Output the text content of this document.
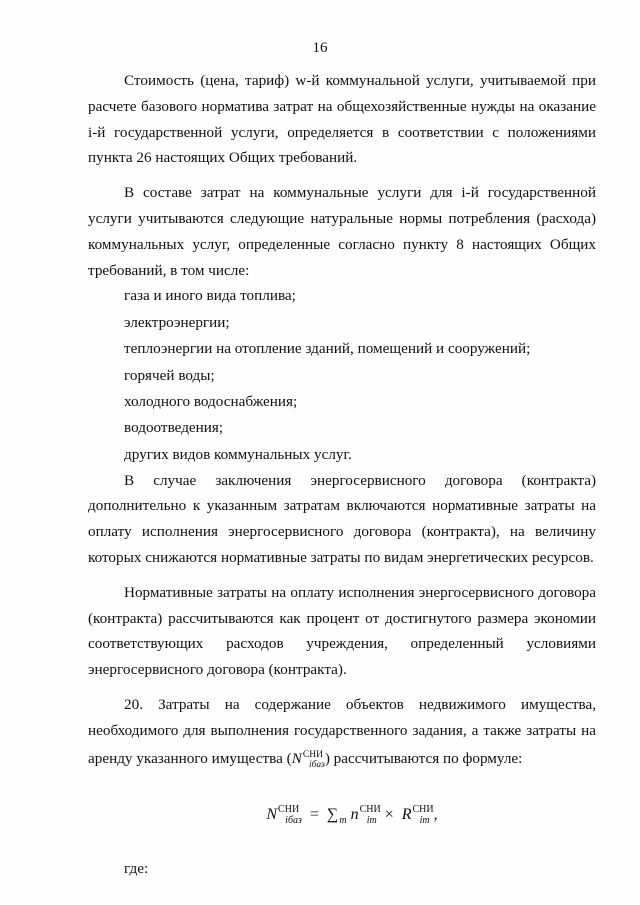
16

Стоимость (цена, тариф) w-й коммунальной услуги, учитываемой при расчете базового норматива затрат на общехозяйственные нужды на оказание i-й государственной услуги, определяется в соответствии с положениями пункта 26 настоящих Общих требований.

В составе затрат на коммунальные услуги для i-й государственной услуги учитываются следующие натуральные нормы потребления (расхода) коммунальных услуг, определенные согласно пункту 8 настоящих Общих требований, в том числе:

газа и иного вида топлива;

электроэнергии;

теплоэнергии на отопление зданий, помещений и сооружений;

горячей воды;

холодного водоснабжения;

водоотведения;

других видов коммунальных услуг.

В случае заключения энергосервисного договора (контракта) дополнительно к указанным затратам включаются нормативные затраты на оплату исполнения энергосервисного договора (контракта), на величину которых снижаются нормативные затраты по видам энергетических ресурсов.

Нормативные затраты на оплату исполнения энергосервисного договора (контракта) рассчитываются как процент от достигнутого размера экономии соответствующих расходов учреждения, определенный условиями энергосервисного договора (контракта).

20. Затраты на содержание объектов недвижимого имущества, необходимого для выполнения государственного задания, а также затраты на аренду указанного имущества $(N^{СНИ}_{iбаз})$ рассчитываются по формуле:

$N^{СНИ}_{iбаз} = \sum_m$ $n^{СНИ}_{im} \times R^{СНИ}_{im}$ ,

где:
